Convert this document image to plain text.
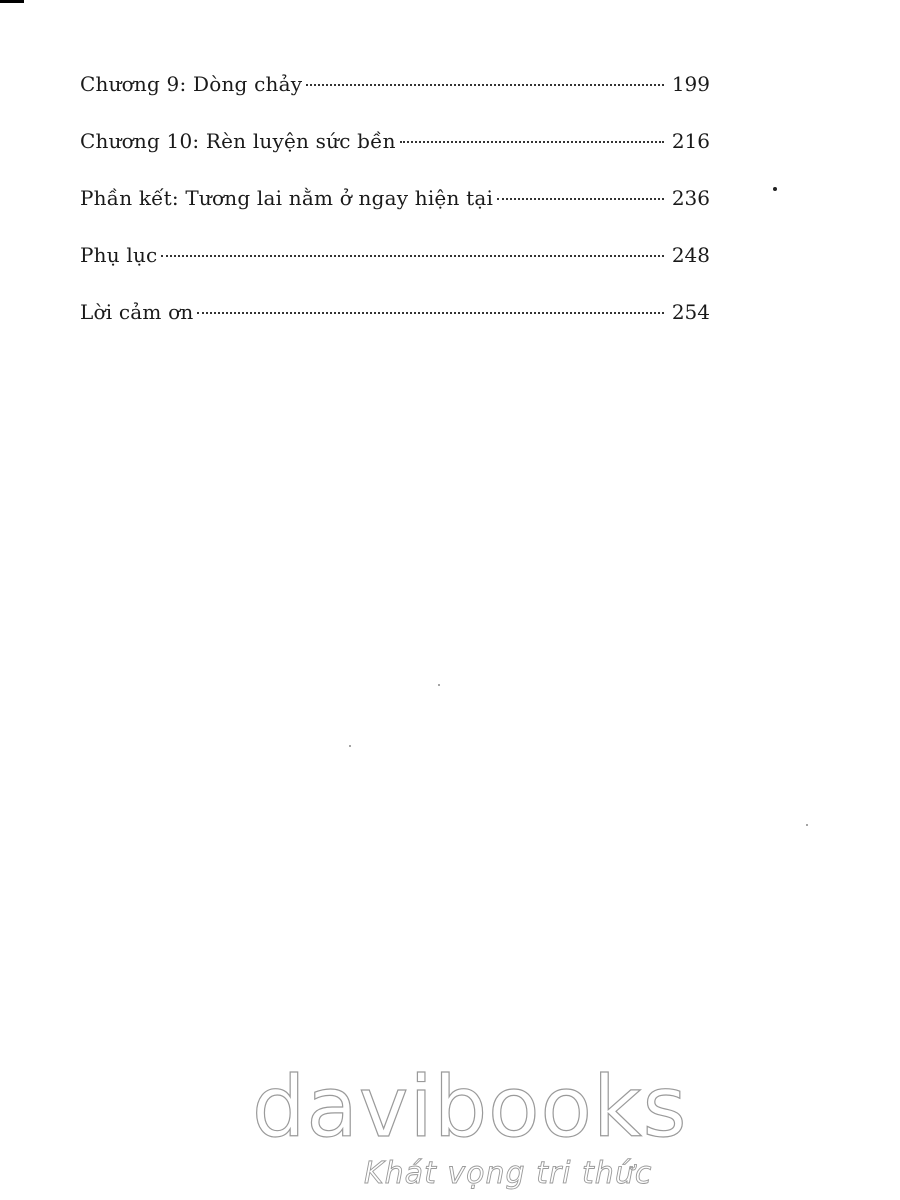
Chương 9: Dòng chảy	199
Chương 10: Rèn luyện sức bền	216
Phần kết: Tương lai nằm ở ngay hiện tại	236
Phụ lục	248
Lời cảm ơn	254
davibooks
Khát vọng tri thức
